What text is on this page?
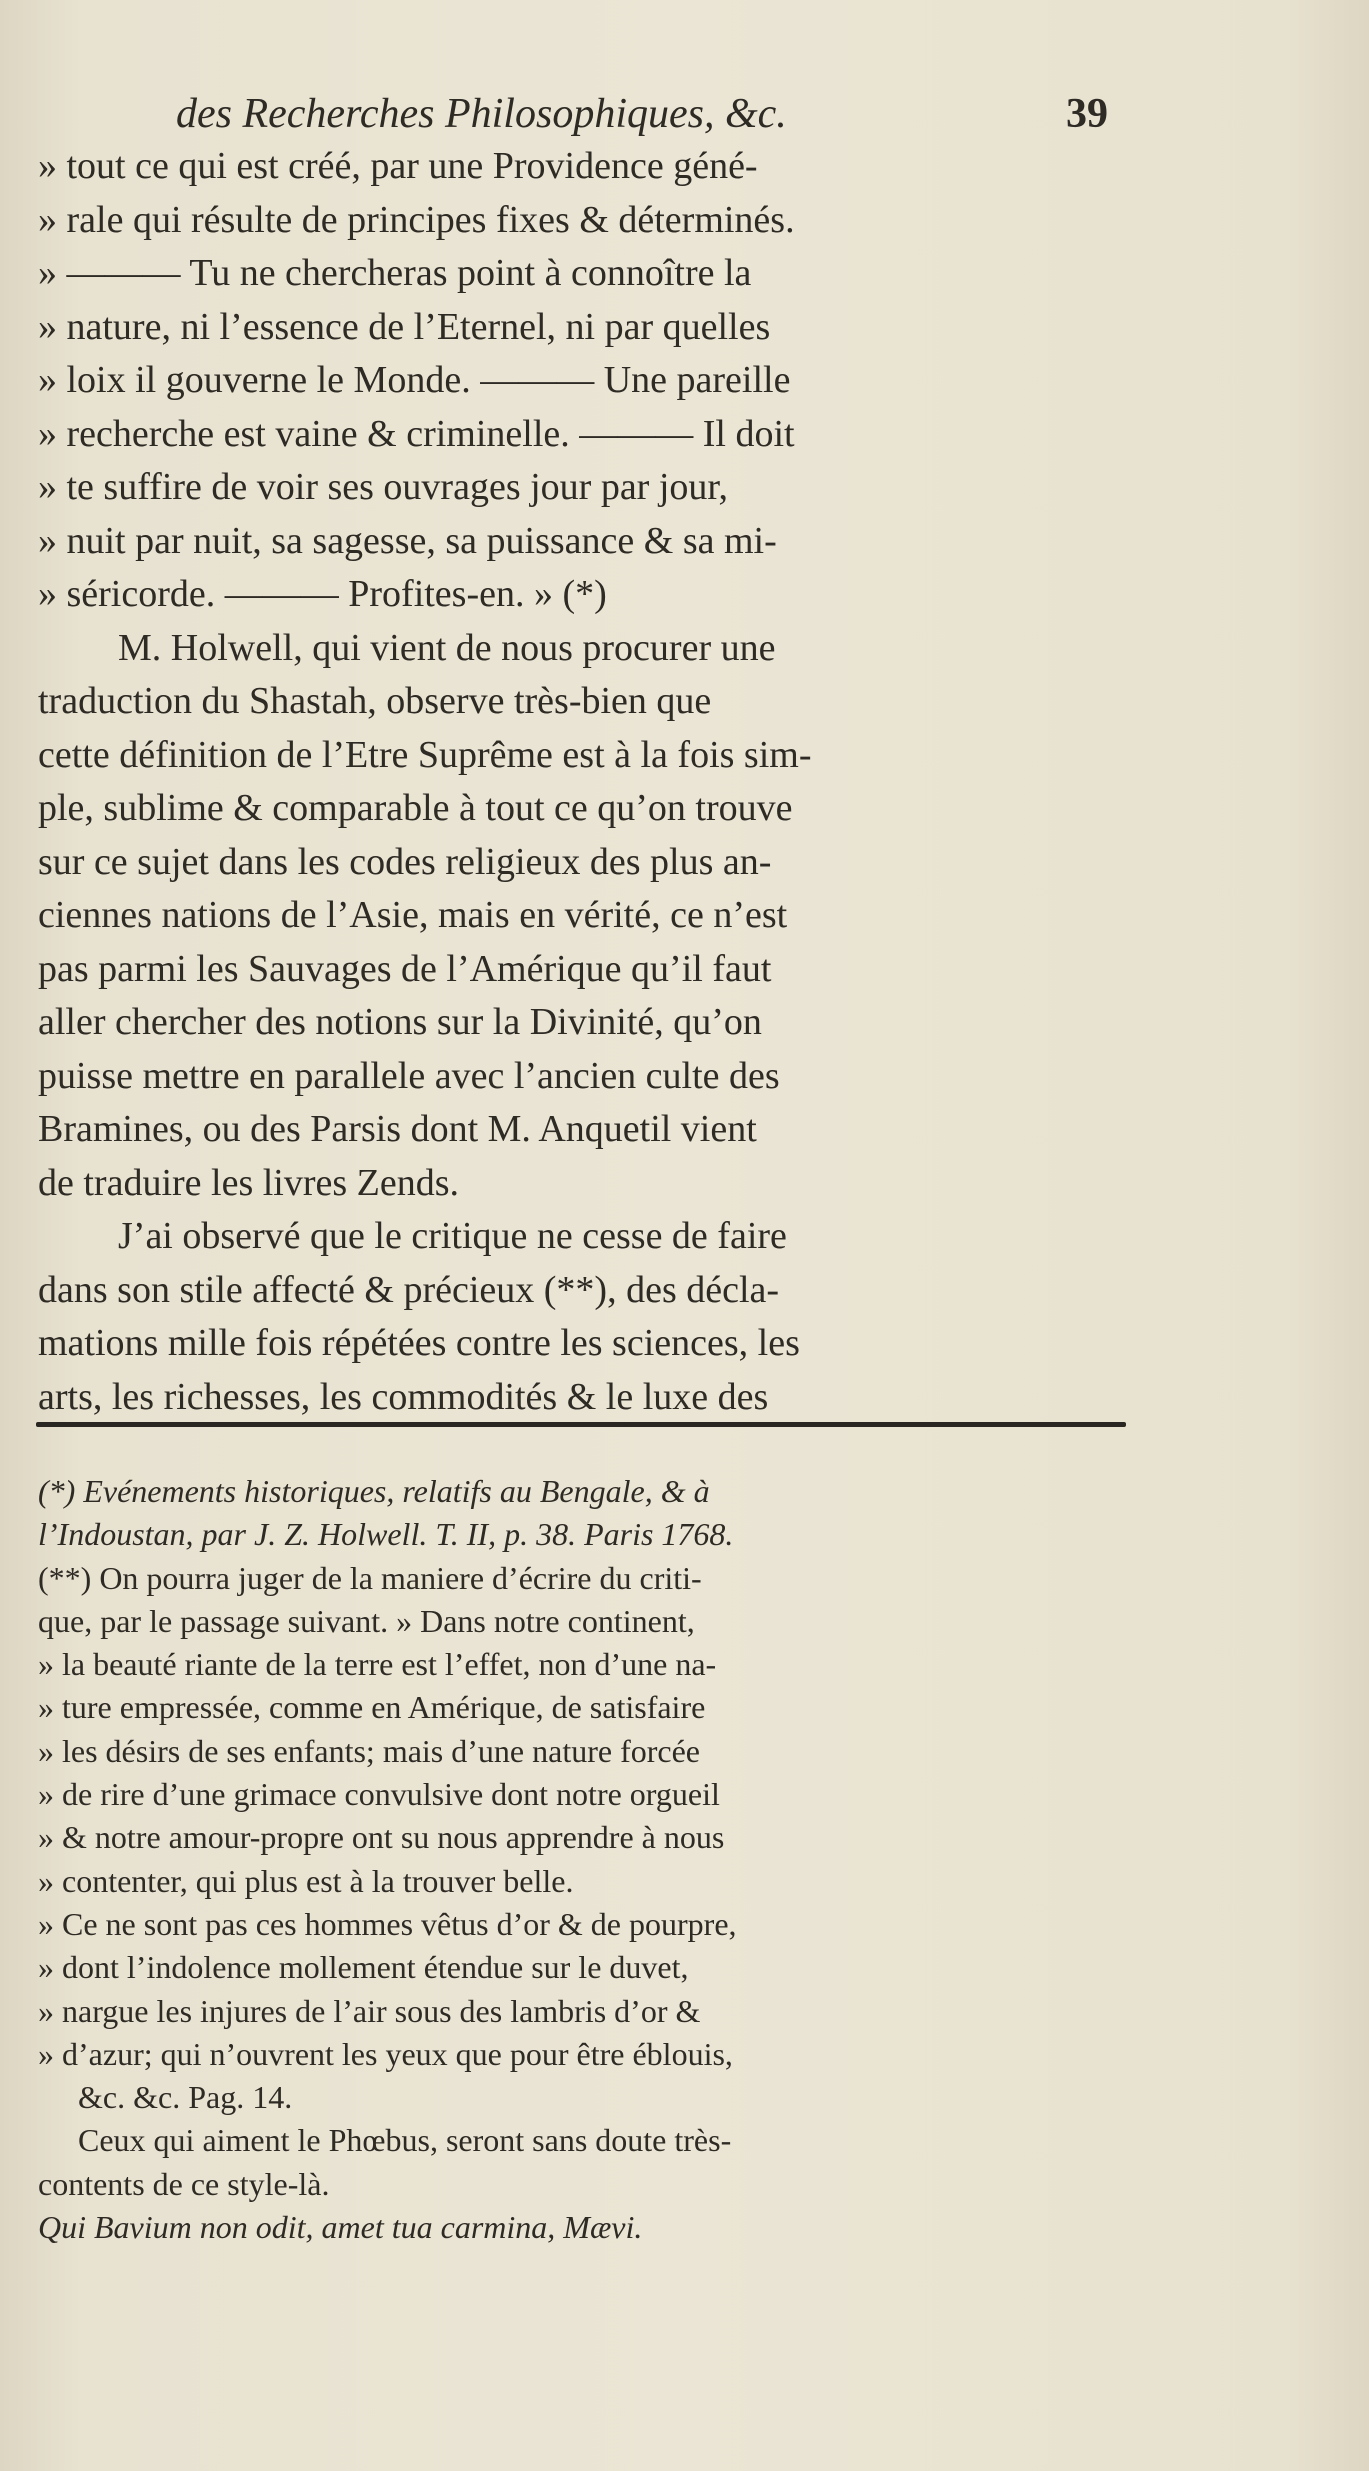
des Recherches Philosophiques, &c.	39
» tout ce qui est créé, par une Providence géné-
» rale qui résulte de principes fixes & déterminés.
» ——— Tu ne chercheras point à connoître la
» nature, ni l’essence de l’Eternel, ni par quelles
» loix il gouverne le Monde. ——— Une pareille
» recherche est vaine & criminelle. ——— Il doit
» te suffire de voir ses ouvrages jour par jour,
» nuit par nuit, sa sagesse, sa puissance & sa mi-
» séricorde. ——— Profites-en. » (*)
M. Holwell, qui vient de nous procurer une
traduction du Shastah, observe très-bien que
cette définition de l’Etre Suprême est à la fois sim-
ple, sublime & comparable à tout ce qu’on trouve
sur ce sujet dans les codes religieux des plus an-
ciennes nations de l’Asie, mais en vérité, ce n’est
pas parmi les Sauvages de l’Amérique qu’il faut
aller chercher des notions sur la Divinité, qu’on
puisse mettre en parallele avec l’ancien culte des
Bramines, ou des Parsis dont M. Anquetil vient
de traduire les livres Zends.
J’ai observé que le critique ne cesse de faire
dans son stile affecté & précieux (**), des décla-
mations mille fois répétées contre les sciences, les
arts, les richesses, les commodités & le luxe des
(*) Evénements historiques, relatifs au Bengale, & à
l’Indoustan, par J. Z. Holwell. T. II, p. 38. Paris 1768.
(**) On pourra juger de la maniere d’écrire du criti-
que, par le passage suivant. » Dans notre continent,
» la beauté riante de la terre est l’effet, non d’une na-
» ture empressée, comme en Amérique, de satisfaire
» les désirs de ses enfants; mais d’une nature forcée
» de rire d’une grimace convulsive dont notre orgueil
» & notre amour-propre ont su nous apprendre à nous
» contenter, qui plus est à la trouver belle.
» Ce ne sont pas ces hommes vêtus d’or & de pourpre,
» dont l’indolence mollement étendue sur le duvet,
» nargue les injures de l’air sous des lambris d’or &
» d’azur; qui n’ouvrent les yeux que pour être éblouis,
&c. &c. Pag. 14.
Ceux qui aiment le Phœbus, seront sans doute très-
contents de ce style-là.
Qui Bavium non odit, amet tua carmina, Mævi.
